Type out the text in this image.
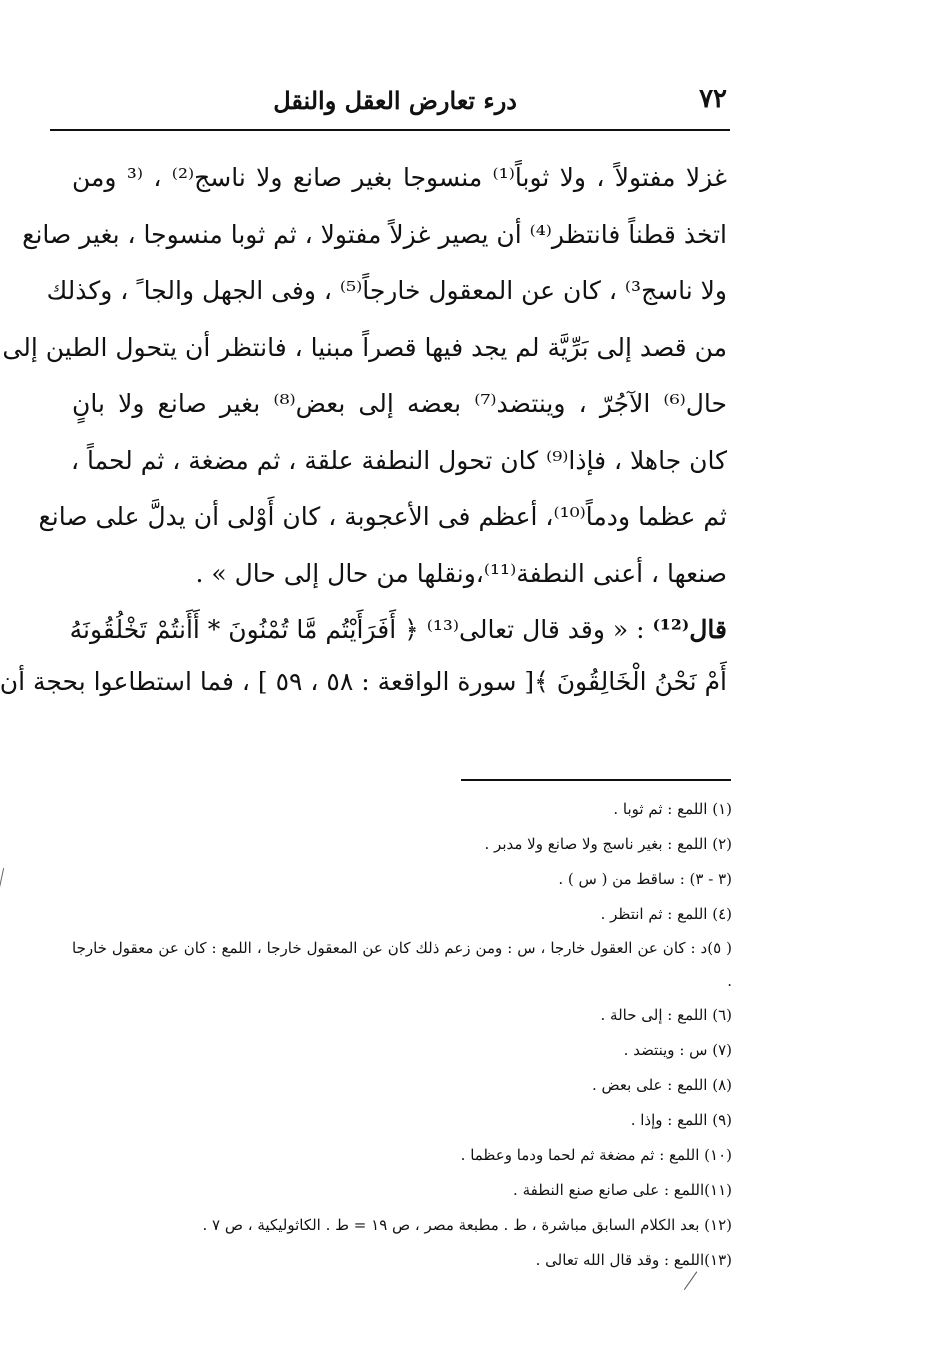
٧٢
درء تعارض العقل والنقل
غزلا مفتولاً ، ولا ثوباً⁽¹⁾ منسوجا بغير صانع ولا ناسج⁽²⁾ ، ⁽³ ومن
اتخذ قطناً فانتظر⁽⁴⁾ أن يصير غزلاً مفتولا ، ثم ثوبا منسوجا ، بغير صانع
ولا ناسج³⁾ ، كان عن المعقول خارجاً⁽⁵⁾ ، وفى الجهل والجا ً ، وكذلك
من قصد إلى بَرِّيَّة لم يجد فيها قصراً مبنيا ، فانتظر أن يتحول الطين إلى
حال⁽⁶⁾ الآجُرّ ، وينتضد⁽⁷⁾ بعضه إلى بعض⁽⁸⁾ بغير صانع ولا بانٍ
كان جاهلا ، فإذا⁽⁹⁾ كان تحول النطفة علقة ، ثم مضغة ، ثم لحماً ،
ثم عظما ودماً⁽¹⁰⁾، أعظم فى الأعجوبة ، كان أَوْلى أن يدلَّ على صانع
صنعها ، أعنى النطفة⁽¹¹⁾،ونقلها من حال إلى حال » .
قال⁽¹²⁾ : « وقد قال تعالى⁽¹³⁾ ﴿ أَفَرَأَيْتُم مَّا تُمْنُونَ * أَأَنتُمْ تَخْلُقُونَهُ
أَمْ نَحْنُ الْخَالِقُونَ ﴾[ سورة الواقعة : ٥٨ ، ٥٩ ] ، فما استطاعوا بحجة أن
(١) اللمع : ثم ثوبا .
(٢) اللمع : بغير ناسج ولا صانع ولا مدبر .
(٣ - ٣) : ساقط من ( س ) .
(٤) اللمع : ثم انتظر .
( ٥)د : كان عن العقول خارجا ، س : ومن زعم ذلك كان عن المعقول خارجا ، اللمع : كان عن معقول خارجا .
(٦) اللمع : إلى حالة .
(٧) س : وينتضد .
(٨) اللمع : على بعض .
(٩) اللمع : وإذا .
(١٠) اللمع : ثم مضغة ثم لحما ودما وعظما .
(١١)اللمع : على صانع صنع النطفة .
(١٢) بعد الكلام السابق مباشرة ، ط . مطبعة مصر ، ص ١٩ = ط . الكاثوليكية ، ص ٧ .
(١٣)اللمع : وقد قال الله تعالى .
